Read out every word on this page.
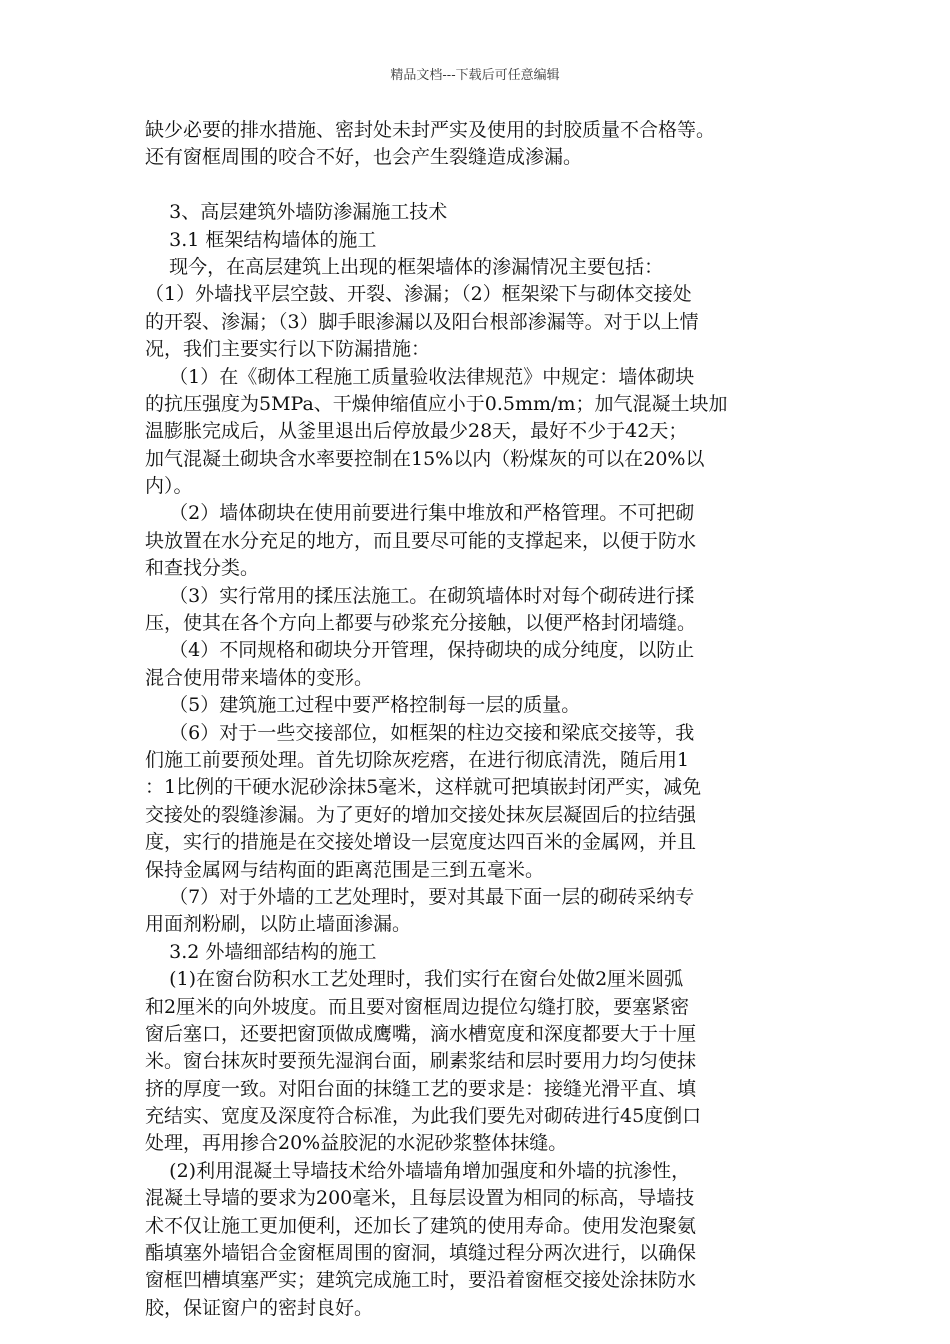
精品文档---下载后可任意编辑
缺少必要的排水措施、密封处未封严实及使用的封胶质量不合格等。
还有窗框周围的咬合不好，也会产生裂缝造成渗漏。
3、高层建筑外墙防渗漏施工技术
3.1 框架结构墙体的施工
现今，在高层建筑上出现的框架墙体的渗漏情况主要包括：
（1）外墙找平层空鼓、开裂、渗漏；（2）框架梁下与砌体交接处
的开裂、渗漏；（3）脚手眼渗漏以及阳台根部渗漏等。对于以上情
况，我们主要实行以下防漏措施：
（1）在《砌体工程施工质量验收法律规范》中规定：墙体砌块
的抗压强度为5MPa、干燥伸缩值应小于0.5mm/m；加气混凝土块加
温膨胀完成后，从釜里退出后停放最少28天，最好不少于42天；
加气混凝土砌块含水率要控制在15%以内（粉煤灰的可以在20%以
内）。
（2）墙体砌块在使用前要进行集中堆放和严格管理。不可把砌
块放置在水分充足的地方，而且要尽可能的支撑起来，以便于防水
和查找分类。
（3）实行常用的揉压法施工。在砌筑墙体时对每个砌砖进行揉
压，使其在各个方向上都要与砂浆充分接触，以便严格封闭墙缝。
（4）不同规格和砌块分开管理，保持砌块的成分纯度，以防止
混合使用带来墙体的变形。
（5）建筑施工过程中要严格控制每一层的质量。
（6）对于一些交接部位，如框架的柱边交接和梁底交接等，我
们施工前要预处理。首先切除灰疙瘩，在进行彻底清洗，随后用1
：1比例的干硬水泥砂涂抹5毫米，这样就可把填嵌封闭严实，减免
交接处的裂缝渗漏。为了更好的增加交接处抹灰层凝固后的拉结强
度，实行的措施是在交接处增设一层宽度达四百米的金属网，并且
保持金属网与结构面的距离范围是三到五毫米。
（7）对于外墙的工艺处理时，要对其最下面一层的砌砖采纳专
用面剂粉刷，以防止墙面渗漏。
3.2 外墙细部结构的施工
(1)在窗台防积水工艺处理时，我们实行在窗台处做2厘米圆弧
和2厘米的向外坡度。而且要对窗框周边提位勾缝打胶，要塞紧密
窗后塞口，还要把窗顶做成鹰嘴，滴水槽宽度和深度都要大于十厘
米。窗台抹灰时要预先湿润台面，刷素浆结和层时要用力均匀使抹
挤的厚度一致。对阳台面的抹缝工艺的要求是：接缝光滑平直、填
充结实、宽度及深度符合标准，为此我们要先对砌砖进行45度倒口
处理，再用掺合20%益胶泥的水泥砂浆整体抹缝。
(2)利用混凝土导墙技术给外墙墙角增加强度和外墙的抗渗性，
混凝土导墙的要求为200毫米，且每层设置为相同的标高，导墙技
术不仅让施工更加便利，还加长了建筑的使用寿命。使用发泡聚氨
酯填塞外墙铝合金窗框周围的窗洞，填缝过程分两次进行，以确保
窗框凹槽填塞严实；建筑完成施工时，要沿着窗框交接处涂抹防水
胶，保证窗户的密封良好。
